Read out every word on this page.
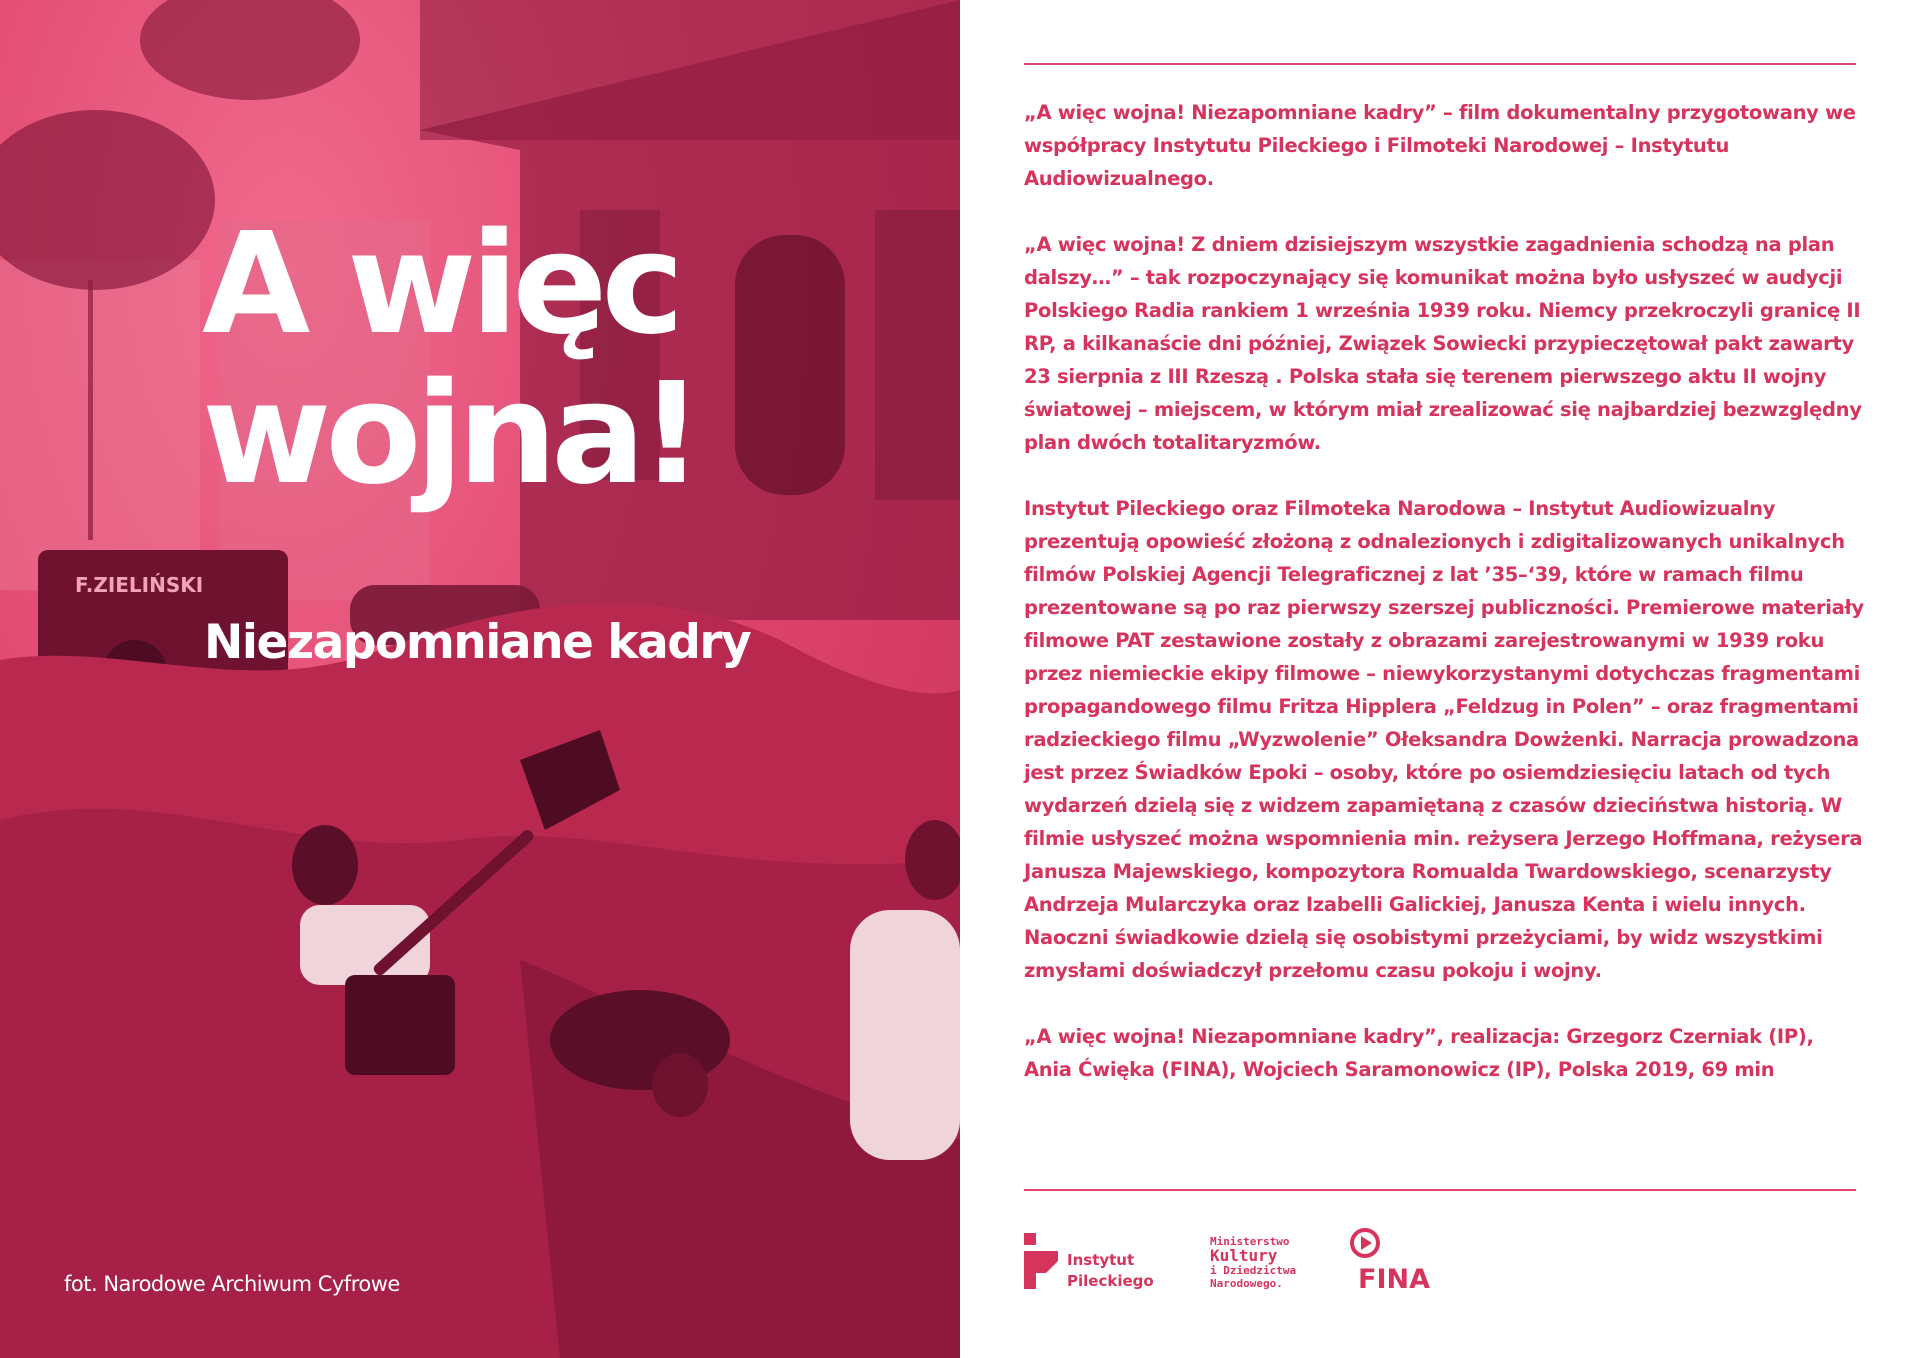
F.ZIELIŃSKI
A więc
wojna!
Niezapomniane kadry
fot. Narodowe Archiwum Cyfrowe

„A więc wojna! Niezapomniane kadry” – film dokumentalny przygotowany we współpracy Instytutu Pileckiego i Filmoteki Narodowej – Instytutu Audiowizualnego.

„A więc wojna! Z dniem dzisiejszym wszystkie zagadnienia schodzą na plan dalszy…” – tak rozpoczynający się komunikat można było usłyszeć w audycji Polskiego Radia rankiem 1 września 1939 roku. Niemcy przekroczyli granicę II RP, a kilkanaście dni później, Związek Sowiecki przypieczętował pakt zawarty 23 sierpnia z III Rzeszą . Polska stała się terenem pierwszego aktu II wojny światowej – miejscem, w którym miał zrealizować się najbardziej bezwzględny plan dwóch totalitaryzmów.

Instytut Pileckiego oraz Filmoteka Narodowa – Instytut Audiowizualny prezentują opowieść złożoną z odnalezionych i zdigitalizowanych unikalnych filmów Polskiej Agencji Telegraficznej z lat ’35–‘39, które w ramach filmu prezentowane są po raz pierwszy szerszej publiczności. Premierowe materiały filmowe PAT zestawione zostały z obrazami zarejestrowanymi w 1939 roku przez niemieckie ekipy filmowe – niewykorzystanymi dotychczas fragmentami propagandowego filmu Fritza Hipplera „Feldzug in Polen” – oraz fragmentami radzieckiego filmu „Wyzwolenie” Ołeksandra Dowżenki. Narracja prowadzona jest przez Świadków Epoki – osoby, które po osiemdziesięciu latach od tych wydarzeń dzielą się z widzem zapamiętaną z czasów dzieciństwa historią. W filmie usłyszeć można wspomnienia min. reżysera Jerzego Hoffmana, reżysera Janusza Majewskiego, kompozytora Romualda Twardowskiego, scenarzysty Andrzeja Mularczyka oraz Izabelli Galickiej, Janusza Kenta i wielu innych. Naoczni świadkowie dzielą się osobistymi przeżyciami, by widz wszystkimi zmysłami doświadczył przełomu czasu pokoju i wojny.

„A więc wojna! Niezapomniane kadry”, realizacja: Grzegorz Czerniak (IP), Ania Ćwięka (FINA), Wojciech Saramonowicz (IP), Polska 2019, 69 min

Instytut
Pileckiego
Ministerstwo
Kultury
i Dziedzictwa
Narodowego.	FINA
